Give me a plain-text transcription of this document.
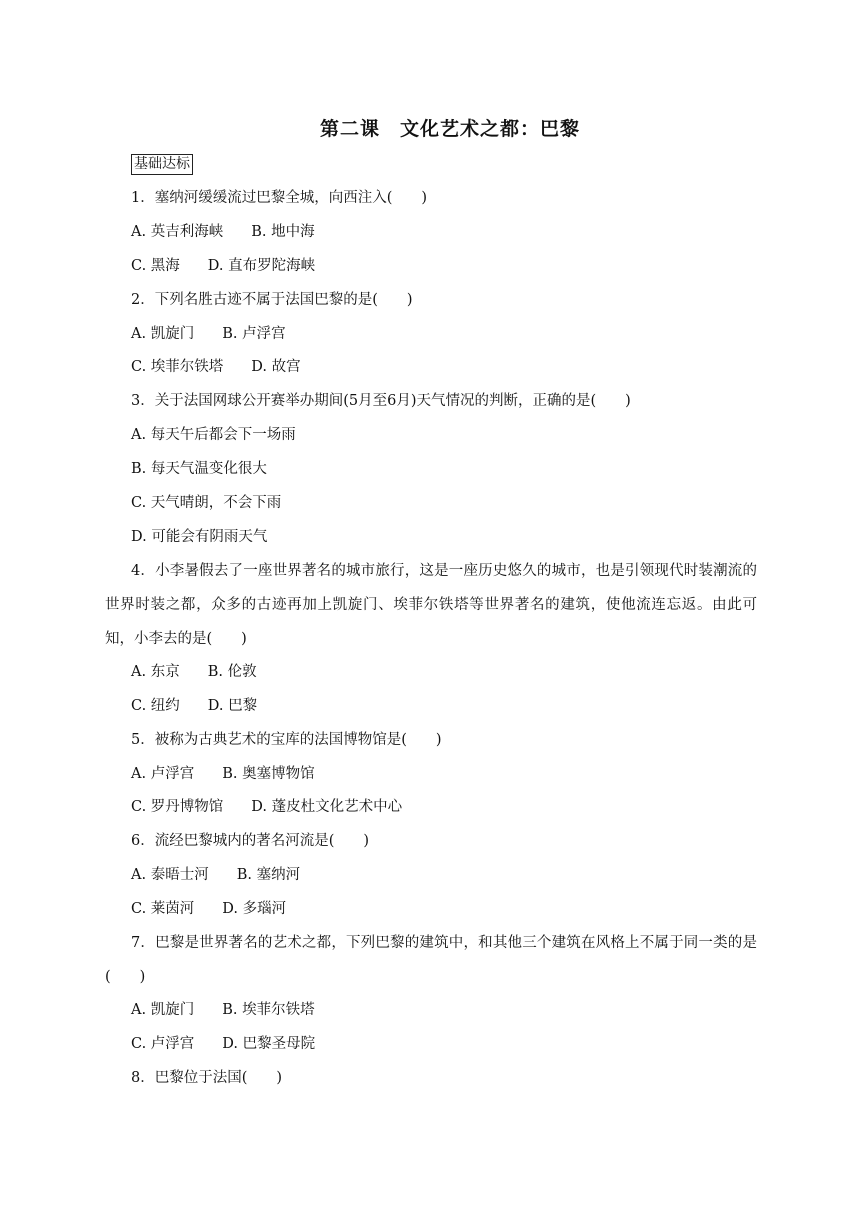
第二课　文化艺术之都：巴黎
基础达标
1．塞纳河缓缓流过巴黎全城，向西注入(　　)
A. 英吉利海峡 B. 地中海
C. 黑海 D. 直布罗陀海峡
2．下列名胜古迹不属于法国巴黎的是(　　)
A. 凯旋门 B. 卢浮宫
C. 埃菲尔铁塔 D. 故宫
3．关于法国网球公开赛举办期间(5月至6月)天气情况的判断，正确的是(　　)
A. 每天午后都会下一场雨
B. 每天气温变化很大
C. 天气晴朗，不会下雨
D. 可能会有阴雨天气
4．小李暑假去了一座世界著名的城市旅行，这是一座历史悠久的城市，也是引领现代时装潮流的世界时装之都，众多的古迹再加上凯旋门、埃菲尔铁塔等世界著名的建筑，使他流连忘返。由此可知，小李去的是(　　)
A. 东京 B. 伦敦
C. 纽约 D. 巴黎
5．被称为古典艺术的宝库的法国博物馆是(　　)
A. 卢浮宫 B. 奥塞博物馆
C. 罗丹博物馆 D. 蓬皮杜文化艺术中心
6．流经巴黎城内的著名河流是(　　)
A. 泰晤士河 B. 塞纳河
C. 莱茵河 D. 多瑙河
7．巴黎是世界著名的艺术之都，下列巴黎的建筑中，和其他三个建筑在风格上不属于同一类的是(　　)
A. 凯旋门 B. 埃菲尔铁塔
C. 卢浮宫 D. 巴黎圣母院
8．巴黎位于法国(　　)
